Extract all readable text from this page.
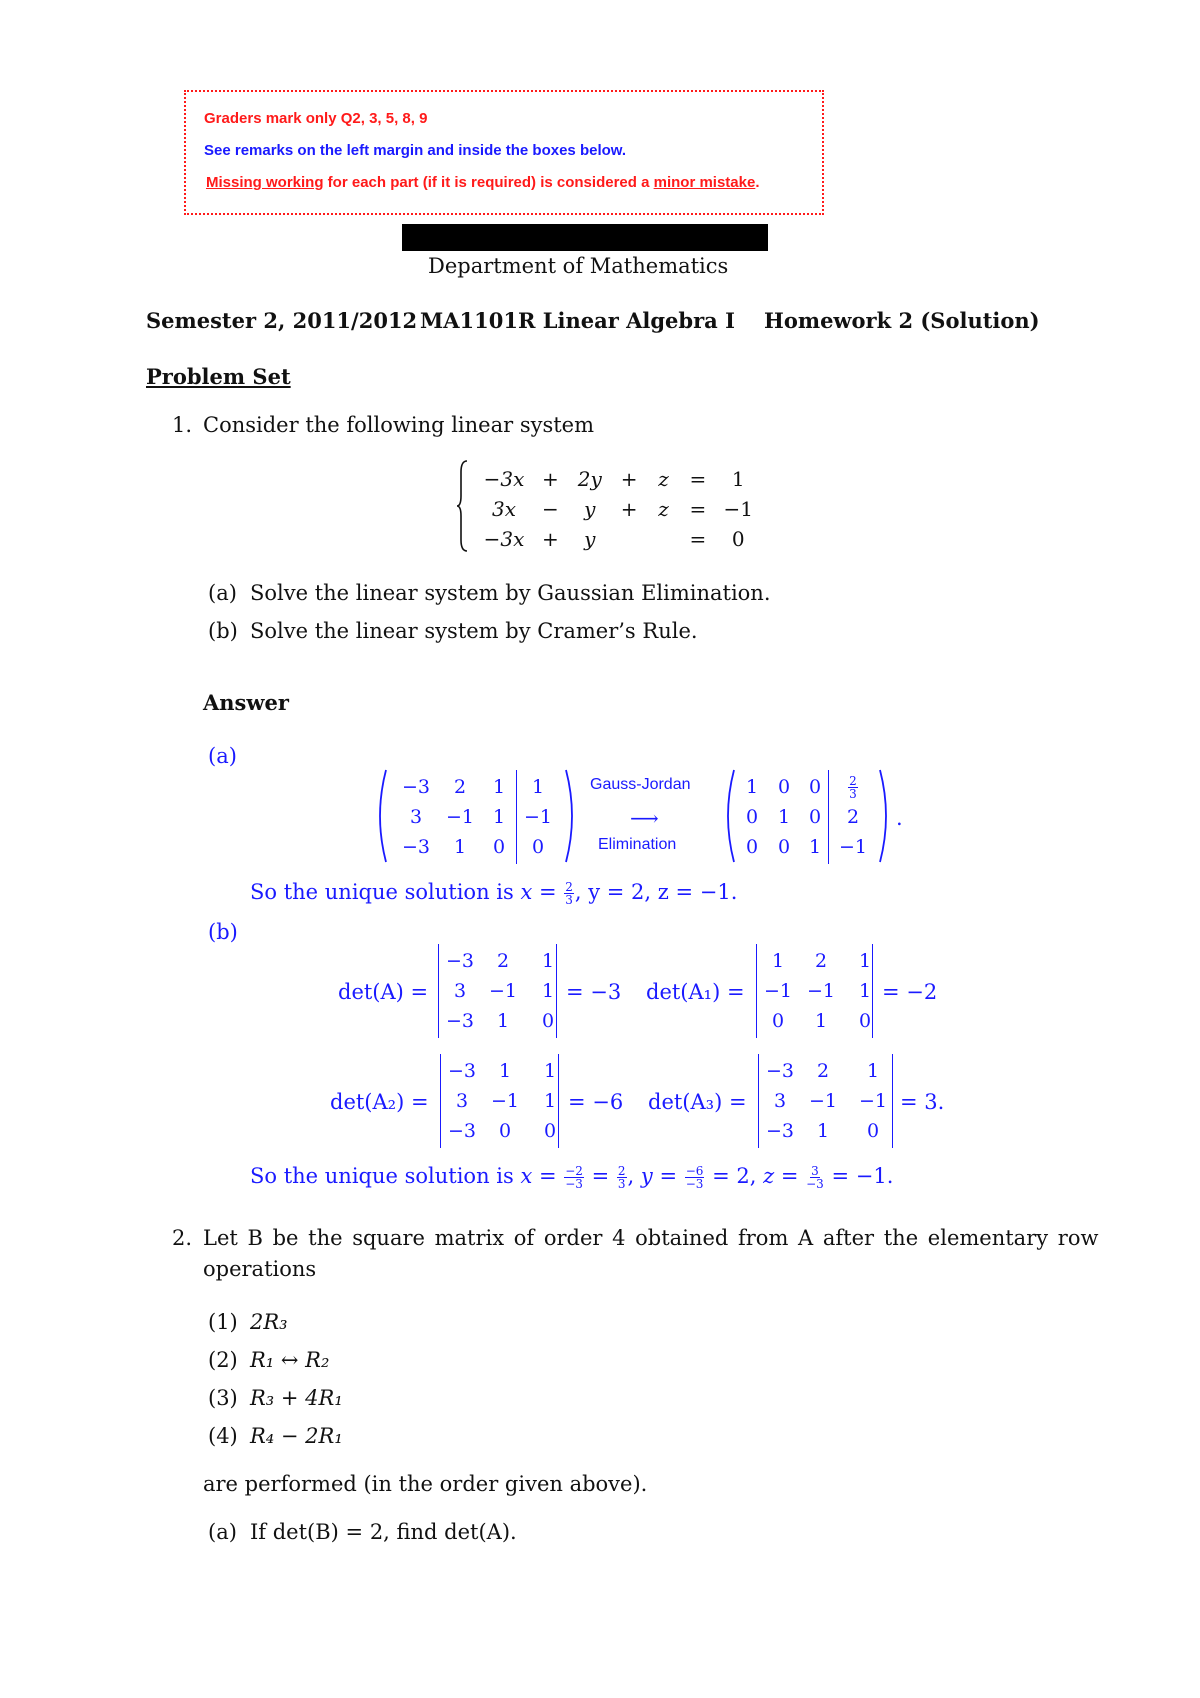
Graders mark only Q2, 3, 5, 8, 9
See remarks on the left margin and inside the boxes below.
Missing working for each part (if it is required) is considered a minor mistake.
Department of Mathematics
Semester 2, 2011/2012 MA1101R Linear Algebra I Homework 2 (Solution)
Problem Set
1. Consider the following linear system
−3x	+	2y	+	z	=	1
3x	−	y	+	z	=	−1
−3x	+	y			=	0
(a) Solve the linear system by Gaussian Elimination.
(b) Solve the linear system by Cramer’s Rule.
Answer
(a)
−3	2	1	1
3	−1	1	−1
−3	1	0	0
Gauss-Jordan
⟶
Elimination
1	0	0	$\frac{2}{3}$

0	1	0	2
0	0	1	−1
.
So the unique solution is $x = \frac{2}{3}$ , y = 2, z = −1.
(b)
det(A) =
−3	2	1
3	−1	1
−3	1	0
= −3 det(A₁) =
1	2	1
−1	−1	1
0	1	0
= −2
det(A₂) =
−3	1	1
3	−1	1
−3	0	0
= −6 det(A₃) =
−3	2	1
3	−1	−1
−3	1	0
= 3.
So the unique solution is $x = \frac{-2}{-3} = \frac{2}{3}$ , $y = \frac{-6}{-3} = 2$, $z = \frac{3}{-3} = -1$.
2. Let B be the square matrix of order 4 obtained from A after the elementary row
operations
(1) 2R₃
(2) R₁ ↔ R₂
(3) R₃ + 4R₁
(4) R₄ − 2R₁
are performed (in the order given above).
(a) If det(B) = 2, find det(A).
